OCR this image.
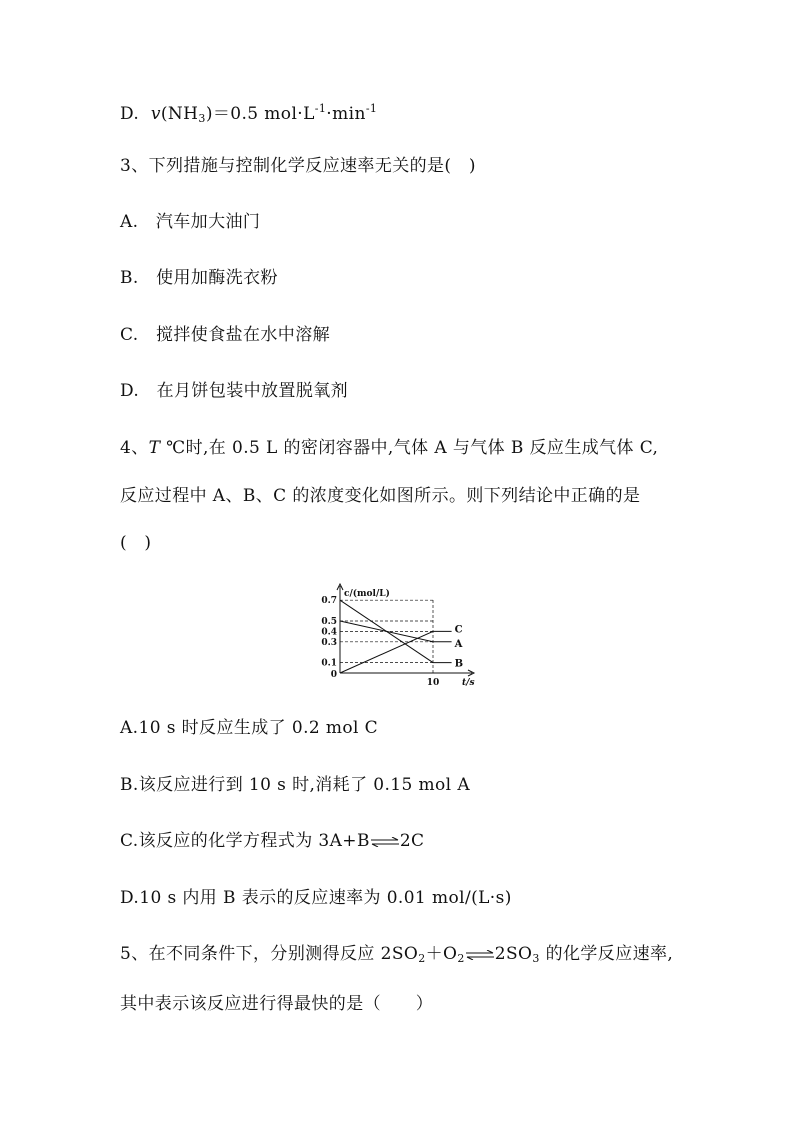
D. $v(NH_3)=0.5$ $mol\cdot L^{-1}\cdot\min^{-1}$
3、下列措施与控制化学反应速率无关的是(　)
A.　汽车加大油门
B.　使用加酶洗衣粉
C.　搅拌使食盐在水中溶解
D.　在月饼包装中放置脱氧剂
4、T ℃时,在 0.5 L 的密闭容器中,气体 A 与气体 B 反应生成气体 C,
反应过程中 A、B、C 的浓度变化如图所示。则下列结论中正确的是
(　)
c/(mol/L)
t/s
0.7
0.5
0.4
0.3
0.1
0
10
A
B
C
A.10 s 时反应生成了 0.2 mol C
B.该反应进行到 10 s 时,消耗了 0.15 mol A
C.该反应的化学方程式为 3A+B⇌2C
D.10 s 内用 B 表示的反应速率为 0.01 mol/(L·s)
5、在不同条件下，分别测得反应 $2SO_2+O_2\rightleftharpoons 2SO_3$ 的化学反应速率,
其中表示该反应进行得最快的是（　　）
